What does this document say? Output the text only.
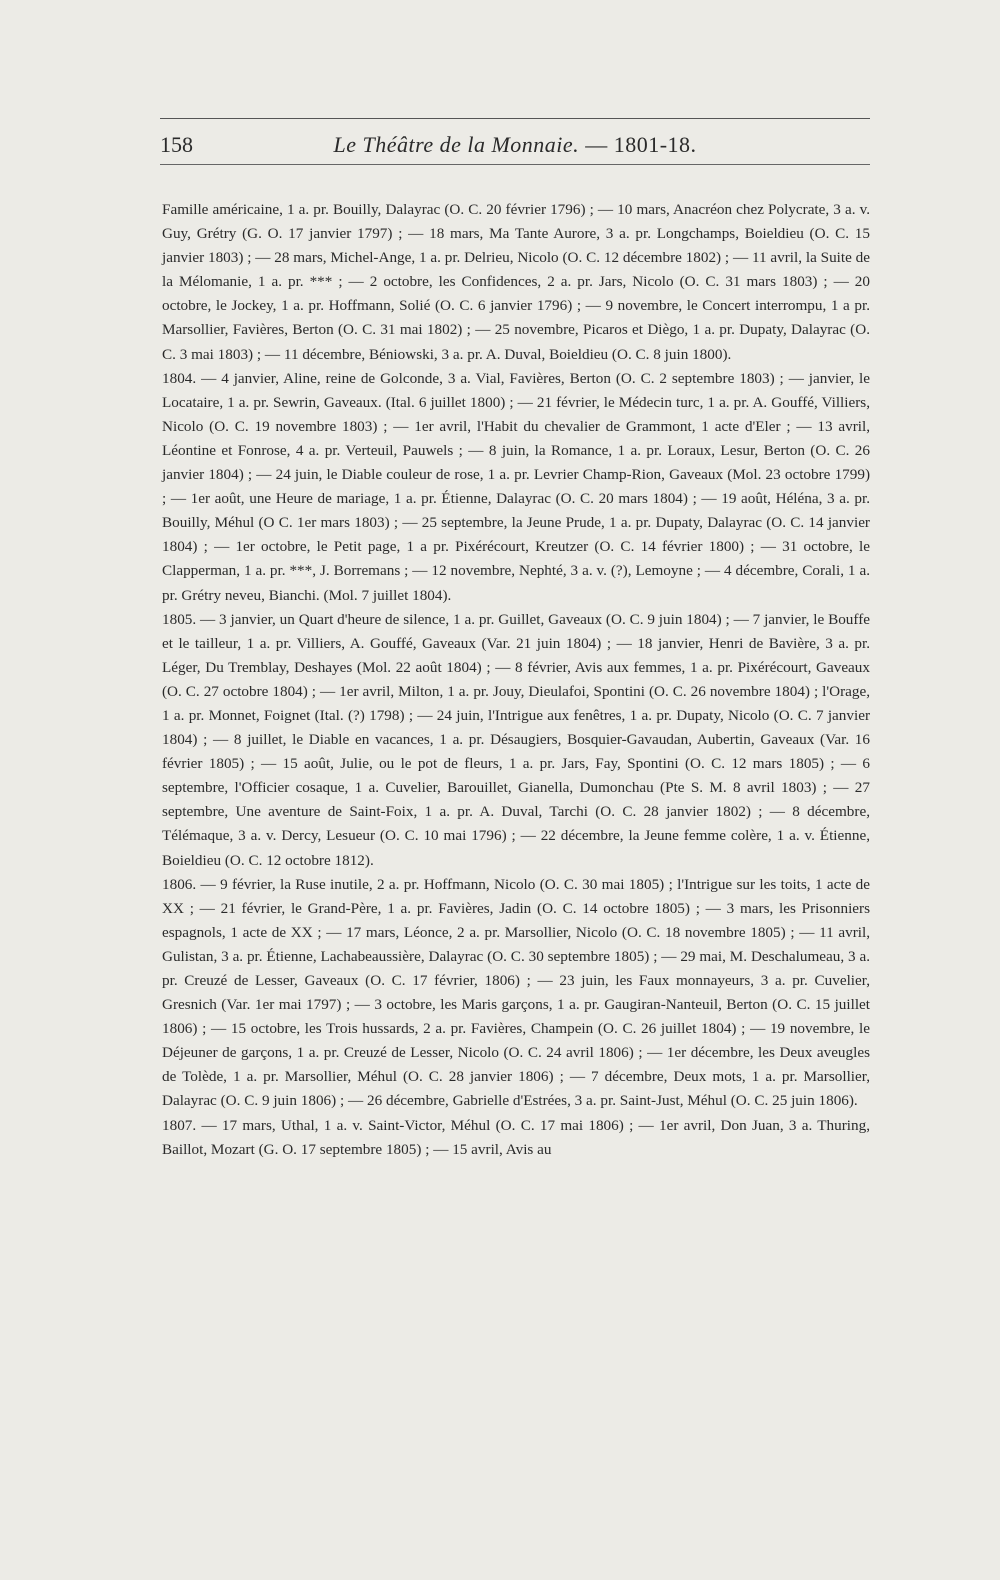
158	Le Théâtre de la Monnaie. — 1801-18.

Famille américaine, 1 a. pr. Bouilly, Dalayrac (O. C. 20 février 1796) ; — 10 mars, Anacréon chez Polycrate, 3 a. v. Guy, Grétry (G. O. 17 janvier 1797) ; — 18 mars, Ma Tante Aurore, 3 a. pr. Longchamps, Boieldieu (O. C. 15 janvier 1803) ; — 28 mars, Michel-Ange, 1 a. pr. Delrieu, Nicolo (O. C. 12 décembre 1802) ; — 11 avril, la Suite de la Mélomanie, 1 a. pr. *** ; — 2 octobre, les Confidences, 2 a. pr. Jars, Nicolo (O. C. 31 mars 1803) ; — 20 octobre, le Jockey, 1 a. pr. Hoffmann, Solié (O. C. 6 janvier 1796) ; — 9 novembre, le Concert interrompu, 1 a pr. Marsollier, Favières, Berton (O. C. 31 mai 1802) ; — 25 novembre, Picaros et Diègo, 1 a. pr. Dupaty, Dalayrac (O. C. 3 mai 1803) ; — 11 décembre, Béniowski, 3 a. pr. A. Duval, Boieldieu (O. C. 8 juin 1800).

1804. — 4 janvier, Aline, reine de Golconde, 3 a. Vial, Favières, Berton (O. C. 2 septembre 1803) ; — janvier, le Locataire, 1 a. pr. Sewrin, Gaveaux. (Ital. 6 juillet 1800) ; — 21 février, le Médecin turc, 1 a. pr. A. Gouffé, Villiers, Nicolo (O. C. 19 novembre 1803) ; — 1er avril, l'Habit du chevalier de Grammont, 1 acte d'Eler ; — 13 avril, Léontine et Fonrose, 4 a. pr. Verteuil, Pauwels ; — 8 juin, la Romance, 1 a. pr. Loraux, Lesur, Berton (O. C. 26 janvier 1804) ; — 24 juin, le Diable couleur de rose, 1 a. pr. Levrier Champ-Rion, Gaveaux (Mol. 23 octobre 1799) ; — 1er août, une Heure de mariage, 1 a. pr. Étienne, Dalayrac (O. C. 20 mars 1804) ; — 19 août, Héléna, 3 a. pr. Bouilly, Méhul (O C. 1er mars 1803) ; — 25 septembre, la Jeune Prude, 1 a. pr. Dupaty, Dalayrac (O. C. 14 janvier 1804) ; — 1er octobre, le Petit page, 1 a pr. Pixérécourt, Kreutzer (O. C. 14 février 1800) ; — 31 octobre, le Clapperman, 1 a. pr. ***, J. Borremans ; — 12 novembre, Nephté, 3 a. v. (?), Lemoyne ; — 4 décembre, Corali, 1 a. pr. Grétry neveu, Bianchi. (Mol. 7 juillet 1804).

1805. — 3 janvier, un Quart d'heure de silence, 1 a. pr. Guillet, Gaveaux (O. C. 9 juin 1804) ; — 7 janvier, le Bouffe et le tailleur, 1 a. pr. Villiers, A. Gouffé, Gaveaux (Var. 21 juin 1804) ; — 18 janvier, Henri de Bavière, 3 a. pr. Léger, Du Tremblay, Deshayes (Mol. 22 août 1804) ; — 8 février, Avis aux femmes, 1 a. pr. Pixérécourt, Gaveaux (O. C. 27 octobre 1804) ; — 1er avril, Milton, 1 a. pr. Jouy, Dieulafoi, Spontini (O. C. 26 novembre 1804) ; l'Orage, 1 a. pr. Monnet, Foignet (Ital. (?) 1798) ; — 24 juin, l'Intrigue aux fenêtres, 1 a. pr. Dupaty, Nicolo (O. C. 7 janvier 1804) ; — 8 juillet, le Diable en vacances, 1 a. pr. Désaugiers, Bosquier-Gavaudan, Aubertin, Gaveaux (Var. 16 février 1805) ; — 15 août, Julie, ou le pot de fleurs, 1 a. pr. Jars, Fay, Spontini (O. C. 12 mars 1805) ; — 6 septembre, l'Officier cosaque, 1 a. Cuvelier, Barouillet, Gianella, Dumonchau (Pte S. M. 8 avril 1803) ; — 27 septembre, Une aventure de Saint-Foix, 1 a. pr. A. Duval, Tarchi (O. C. 28 janvier 1802) ; — 8 décembre, Télémaque, 3 a. v. Dercy, Lesueur (O. C. 10 mai 1796) ; — 22 décembre, la Jeune femme colère, 1 a. v. Étienne, Boieldieu (O. C. 12 octobre 1812).

1806. — 9 février, la Ruse inutile, 2 a. pr. Hoffmann, Nicolo (O. C. 30 mai 1805) ; l'Intrigue sur les toits, 1 acte de XX ; — 21 février, le Grand-Père, 1 a. pr. Favières, Jadin (O. C. 14 octobre 1805) ; — 3 mars, les Prisonniers espagnols, 1 acte de XX ; — 17 mars, Léonce, 2 a. pr. Marsollier, Nicolo (O. C. 18 novembre 1805) ; — 11 avril, Gulistan, 3 a. pr. Étienne, Lachabeaussière, Dalayrac (O. C. 30 septembre 1805) ; — 29 mai, M. Deschalumeau, 3 a. pr. Creuzé de Lesser, Gaveaux (O. C. 17 février, 1806) ; — 23 juin, les Faux monnayeurs, 3 a. pr. Cuvelier, Gresnich (Var. 1er mai 1797) ; — 3 octobre, les Maris garçons, 1 a. pr. Gaugiran-Nanteuil, Berton (O. C. 15 juillet 1806) ; — 15 octobre, les Trois hussards, 2 a. pr. Favières, Champein (O. C. 26 juillet 1804) ; — 19 novembre, le Déjeuner de garçons, 1 a. pr. Creuzé de Lesser, Nicolo (O. C. 24 avril 1806) ; — 1er décembre, les Deux aveugles de Tolède, 1 a. pr. Marsollier, Méhul (O. C. 28 janvier 1806) ; — 7 décembre, Deux mots, 1 a. pr. Marsollier, Dalayrac (O. C. 9 juin 1806) ; — 26 décembre, Gabrielle d'Estrées, 3 a. pr. Saint-Just, Méhul (O. C. 25 juin 1806).

1807. — 17 mars, Uthal, 1 a. v. Saint-Victor, Méhul (O. C. 17 mai 1806) ; — 1er avril, Don Juan, 3 a. Thuring, Baillot, Mozart (G. O. 17 septembre 1805) ; — 15 avril, Avis au
